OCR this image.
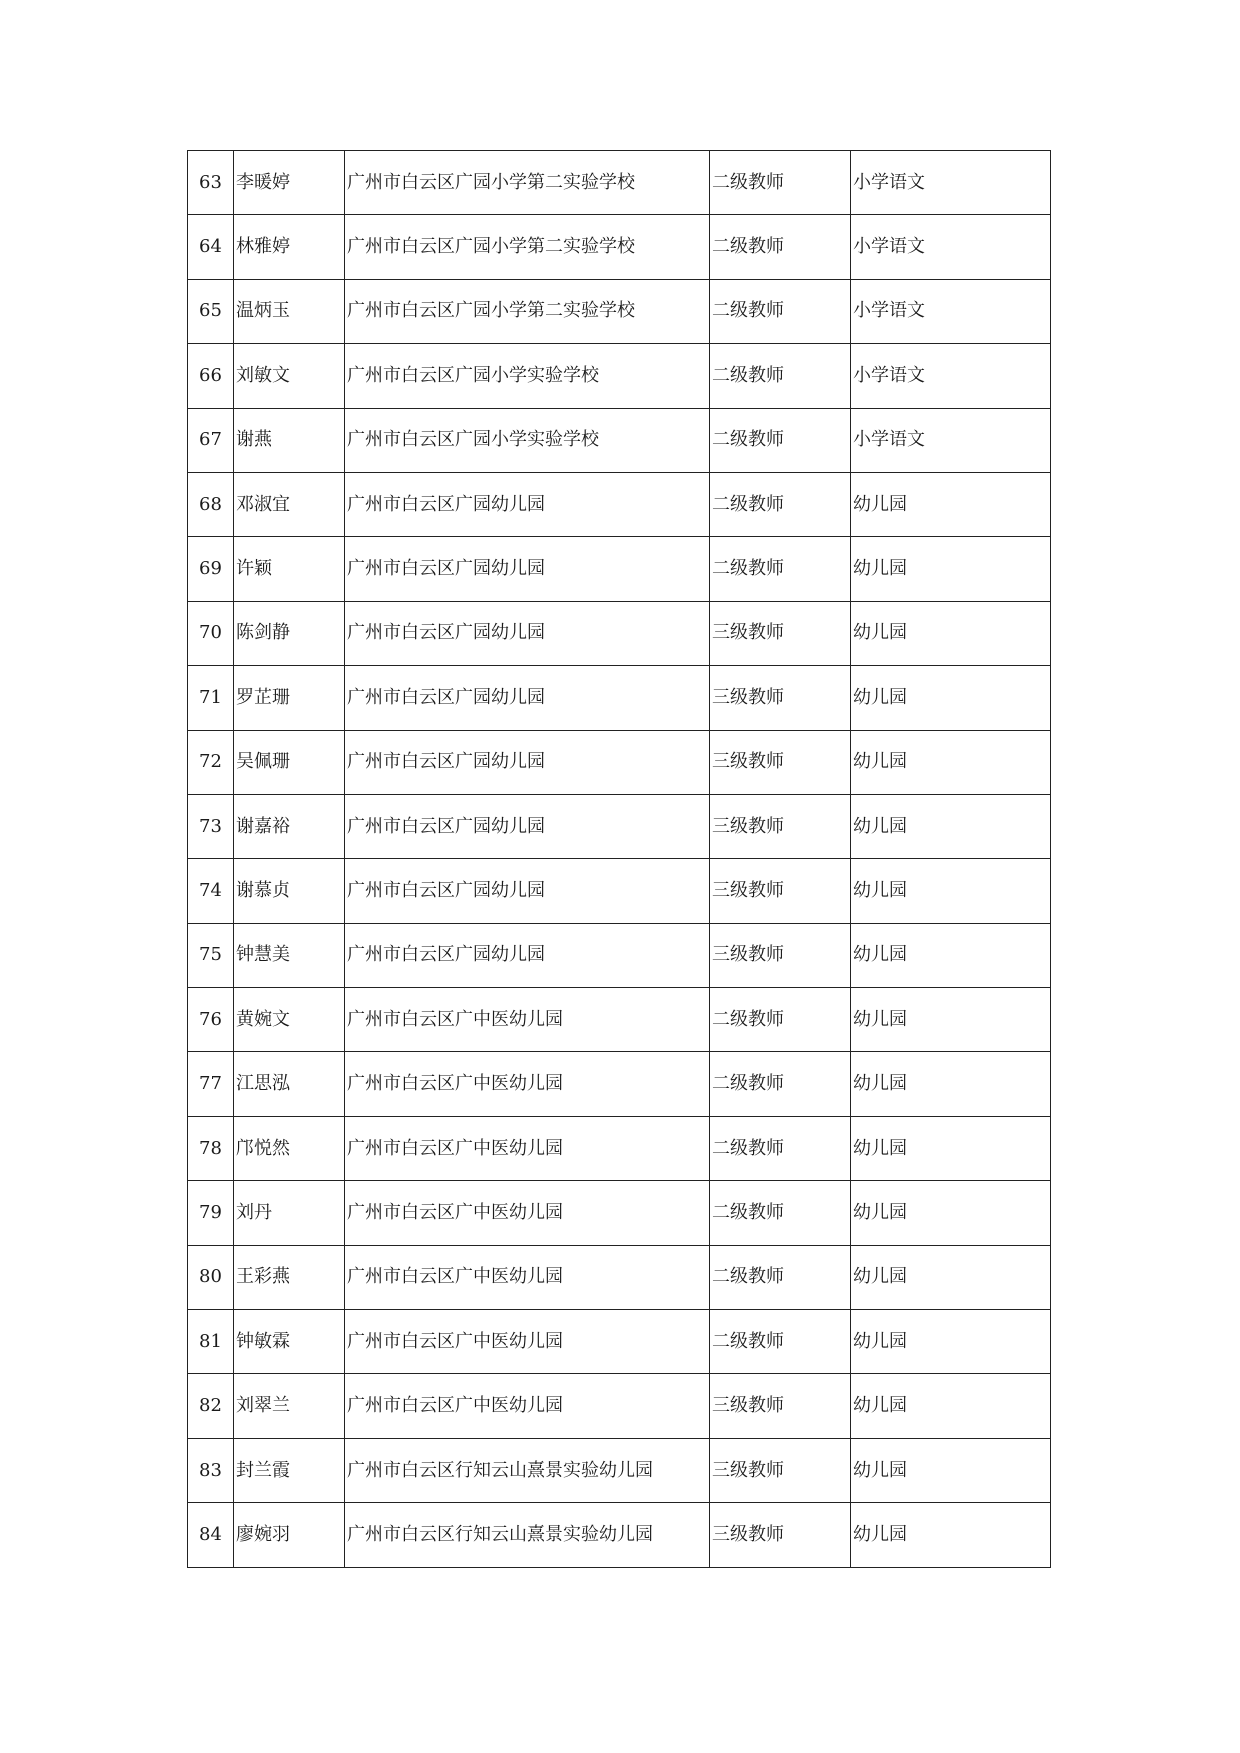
63	李暖婷	广州市白云区广园小学第二实验学校	二级教师	小学语文
64	林雅婷	广州市白云区广园小学第二实验学校	二级教师	小学语文
65	温炳玉	广州市白云区广园小学第二实验学校	二级教师	小学语文
66	刘敏文	广州市白云区广园小学实验学校	二级教师	小学语文
67	谢燕	广州市白云区广园小学实验学校	二级教师	小学语文
68	邓淑宜	广州市白云区广园幼儿园	二级教师	幼儿园
69	许颖	广州市白云区广园幼儿园	二级教师	幼儿园
70	陈剑静	广州市白云区广园幼儿园	三级教师	幼儿园
71	罗芷珊	广州市白云区广园幼儿园	三级教师	幼儿园
72	吴佩珊	广州市白云区广园幼儿园	三级教师	幼儿园
73	谢嘉裕	广州市白云区广园幼儿园	三级教师	幼儿园
74	谢慕贞	广州市白云区广园幼儿园	三级教师	幼儿园
75	钟慧美	广州市白云区广园幼儿园	三级教师	幼儿园
76	黄婉文	广州市白云区广中医幼儿园	二级教师	幼儿园
77	江思泓	广州市白云区广中医幼儿园	二级教师	幼儿园
78	邝悦然	广州市白云区广中医幼儿园	二级教师	幼儿园
79	刘丹	广州市白云区广中医幼儿园	二级教师	幼儿园
80	王彩燕	广州市白云区广中医幼儿园	二级教师	幼儿园
81	钟敏霖	广州市白云区广中医幼儿园	二级教师	幼儿园
82	刘翠兰	广州市白云区广中医幼儿园	三级教师	幼儿园
83	封兰霞	广州市白云区行知云山熹景实验幼儿园	三级教师	幼儿园
84	廖婉羽	广州市白云区行知云山熹景实验幼儿园	三级教师	幼儿园
